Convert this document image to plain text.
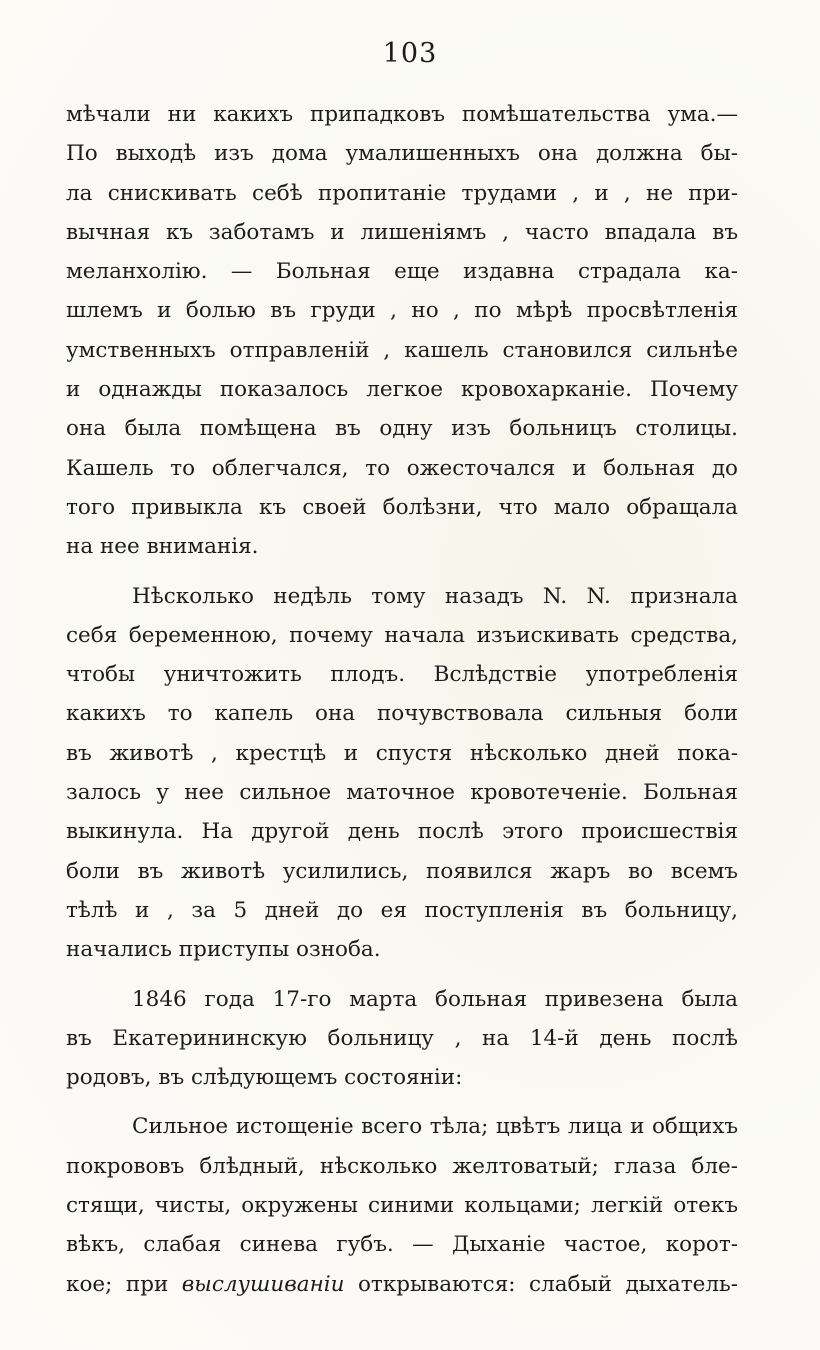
103
мѣчали ни какихъ припадковъ помѣшательства ума.—
По выходѣ изъ дома умалишенныхъ она должна бы-
ла снискивать себѣ пропитаніе трудами , и , не при-
вычная къ заботамъ и лишеніямъ , часто впадала въ
меланхолію. — Больная еще издавна страдала ка-
шлемъ и болью въ груди , но , по мѣрѣ просвѣтленія
умственныхъ отправленій , кашель становился сильнѣе
и однажды показалось легкое кровохарканіе. Почему
она была помѣщена въ одну изъ больницъ столицы.
Кашель то облегчался, то ожесточался и больная до
того привыкла къ своей болѣзни, что мало обращала
на нее вниманія.
Нѣсколько недѣль тому назадъ N. N. признала
себя беременною, почему начала изъискивать средства,
чтобы уничтожить плодъ. Вслѣдствіе употребленія
какихъ то капель она почувствовала сильныя боли
въ животѣ , крестцѣ и спустя нѣсколько дней пока-
залось у нее сильное маточное кровотеченіе. Больная
выкинула. На другой день послѣ этого происшествія
боли въ животѣ усилились, появился жаръ во всемъ
тѣлѣ и , за 5 дней до ея поступленія въ больницу,
начались приступы озноба.
1846 года 17-го марта больная привезена была
въ Екатерининскую больницу , на 14-й день послѣ
родовъ, въ слѣдующемъ состояніи:
Сильное истощеніе всего тѣла; цвѣтъ лица и общихъ
покрововъ блѣдный, нѣсколько желтоватый; глаза бле-
стящи, чисты, окружены синими кольцами; легкій отекъ
вѣкъ, слабая синева губъ. — Дыханіе частое, корот-
кое; при выслушиваніи открываются: слабый дыхатель-
